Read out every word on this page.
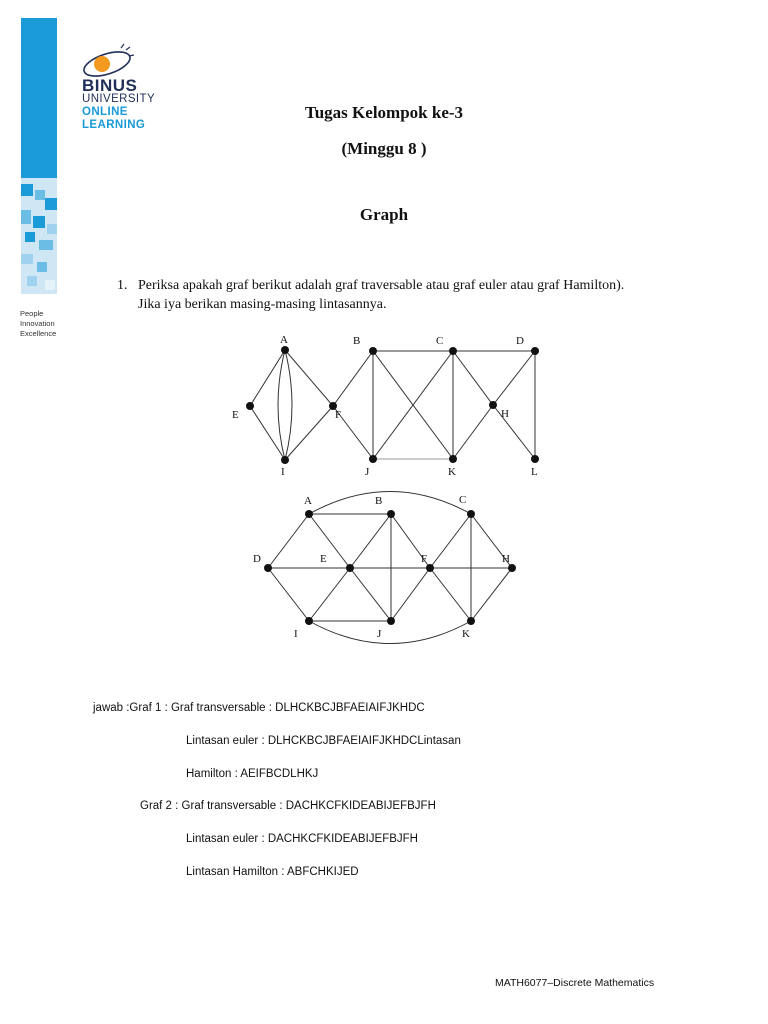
BINUS
UNIVERSITY
ONLINE
LEARNING
People
Innovation
Excellence
Tugas Kelompok ke-3
(Minggu 8 )
Graph
1. Periksa apakah graf berikut adalah graf traversable atau graf euler atau graf Hamilton).
Jika iya berikan masing-masing lintasannya.
A	B	C	D
E	F	H
I	J	K	L
A	B	C
D	E	F	H
I	J	K
jawab :Graf 1 : Graf transversable : DLHCKBCJBFAEIAIFJKHDC
Lintasan euler : DLHCKBCJBFAEIAIFJKHDCLintasan
Hamilton : AEIFBCDLHKJ
Graf 2 : Graf transversable : DACHKCFKIDEABIJEFBJFH
Lintasan euler : DACHKCFKIDEABIJEFBJFH
Lintasan Hamilton : ABFCHKIJED
MATH6077–Discrete Mathematics
